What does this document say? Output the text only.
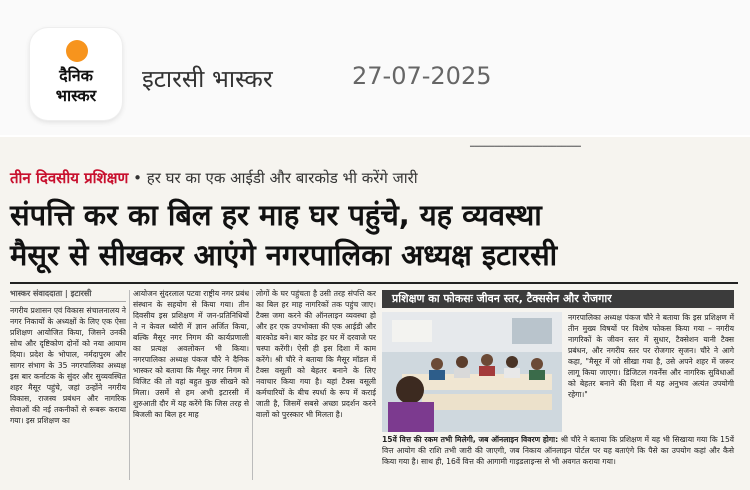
दैनिक
भास्कर
इटारसी भास्कर	27-07-2025
━━━━━━━━━━━━━━━━━━━━━━━
तीन दिवसीय प्रशिक्षण • हर घर का एक आईडी और बारकोड भी करेंगे जारी
संपत्ति कर का बिल हर माह घर पहुंचे, यह व्यवस्था
मैसूर से सीखकर आएंगे नगरपालिका अध्यक्ष इटारसी
भास्कर संवाददाता | इटारसी
नगरीय प्रशासन एवं विकास संचालनालय ने नगर निकायों के अध्यक्षों के लिए एक ऐसा प्रशिक्षण आयोजित किया, जिसने उनकी सोच और दृष्टिकोण दोनों को नया आयाम दिया। प्रदेश के भोपाल, नर्मदापुरम और सागर संभाग के 35 नगरपालिका अध्यक्ष इस बार कर्नाटक के सुंदर और सुव्यवस्थित शहर मैसूर पहुंचे, जहां उन्होंने नगरीय विकास, राजस्व प्रबंधन और नागरिक सेवाओं की नई तकनीकों से रूबरू कराया गया। इस प्रशिक्षण का
आयोजन सुंदरलाल पटवा राष्ट्रीय नगर प्रबंध संस्थान के सहयोग से किया गया। तीन दिवसीय इस प्रशिक्षण में जन-प्रतिनिधियों ने न केवल थ्योरी में ज्ञान अर्जित किया, बल्कि मैसूर नगर निगम की कार्यप्रणाली का प्रत्यक्ष अवलोकन भी किया। नगरपालिका अध्यक्ष पंकज चौरे ने दैनिक भास्कर को बताया कि मैसूर नगर निगम में विजिट की तो वहां बहुत कुछ सीखने को मिला। उसमें से हम अभी इटारसी में शुरुआती दौर में यह करेंगे कि जिस तरह से बिजली का बिल हर माह
लोगों के घर पहुंचता है उसी तरह संपत्ति कर का बिल हर माह नागरिकों तक पहुंच जाए। टैक्स जमा करने की ऑनलाइन व्यवस्था हो और हर एक उपभोक्ता की एक आईडी और बारकोड बने। बार कोड हर घर में दरवाजे पर चस्पा करेंगी। ऐसी ही इस दिशा में काम करेंगे। श्री चौरे ने बताया कि मैसूर मॉडल में टैक्स वसूली को बेहतर बनाने के लिए नवाचार किया गया है। यहां टैक्स वसूली कर्मचारियों के बीच स्पर्धा के रूप में कराई जाती है, जिसमें सबसे अच्छा प्रदर्शन करने वालों को पुरस्कार भी मिलता है।
प्रशिक्षण का फोकसः जीवन स्तर, टैक्ससेन और रोजगार
नगरपालिका अध्यक्ष पंकज चौरे ने बताया कि इस प्रशिक्षण में तीन मुख्य विषयों पर विशेष फोकस किया गया – नगरीय नागरिकों के जीवन स्तर में सुधार, टैक्सेशन यानी टैक्स प्रबंधन, और नगरीय स्तर पर रोजगार सृजन। चौरे ने आगे कहा, "मैसूर में जो सीखा गया है, उसे अपने शहर में जरूर लागू किया जाएगा। डिजिटल गवर्नेंस और नागरिक सुविधाओं को बेहतर बनाने की दिशा में यह अनुभव अत्यंत उपयोगी रहेगा।"
15वें वित्त की रकम तभी मिलेगी, जब ऑनलाइन विवरण होगा: श्री चौरे ने बताया कि प्रशिक्षण में यह भी सिखाया गया कि 15वें वित्त आयोग की राशि तभी जारी की जाएगी, जब निकाय ऑनलाइन पोर्टल पर यह बताएंगे कि पैसे का उपयोग कहां और कैसे किया गया है। साथ ही, 16वें वित्त की आगामी गाइडलाइन्स से भी अवगत कराया गया।
